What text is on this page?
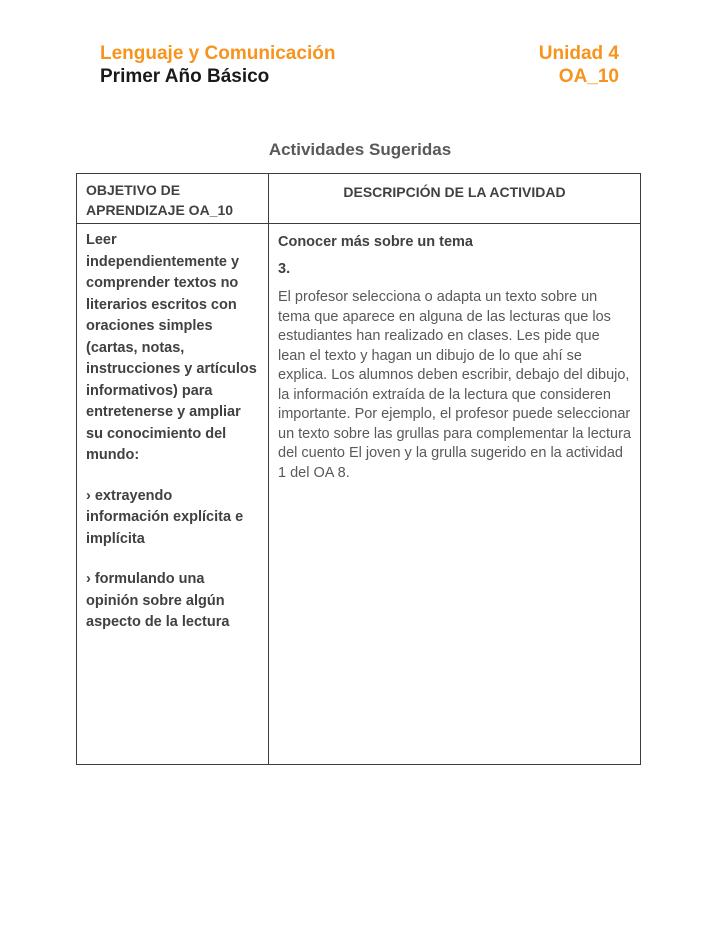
Lenguaje y Comunicación
Primer Año Básico
Unidad 4
OA_10
Actividades Sugeridas
OBJETIVO DE APRENDIZAJE OA_10
DESCRIPCIÓN DE LA ACTIVIDAD
Leer independientemente y comprender textos no literarios escritos con oraciones simples (cartas, notas, instrucciones y artículos informativos) para entretenerse y ampliar su conocimiento del mundo:
› extrayendo información explícita e implícita
› formulando una opinión sobre algún aspecto de la lectura
Conocer más sobre un tema
3.
El profesor selecciona o adapta un texto sobre un tema que aparece en alguna de las lecturas que los estudiantes han realizado en clases. Les pide que lean el texto y hagan un dibujo de lo que ahí se explica. Los alumnos deben escribir, debajo del dibujo, la información extraída de la lectura que consideren importante. Por ejemplo, el profesor puede seleccionar un texto sobre las grullas para complementar la lectura del cuento El joven y la grulla sugerido en la actividad 1 del OA 8.
